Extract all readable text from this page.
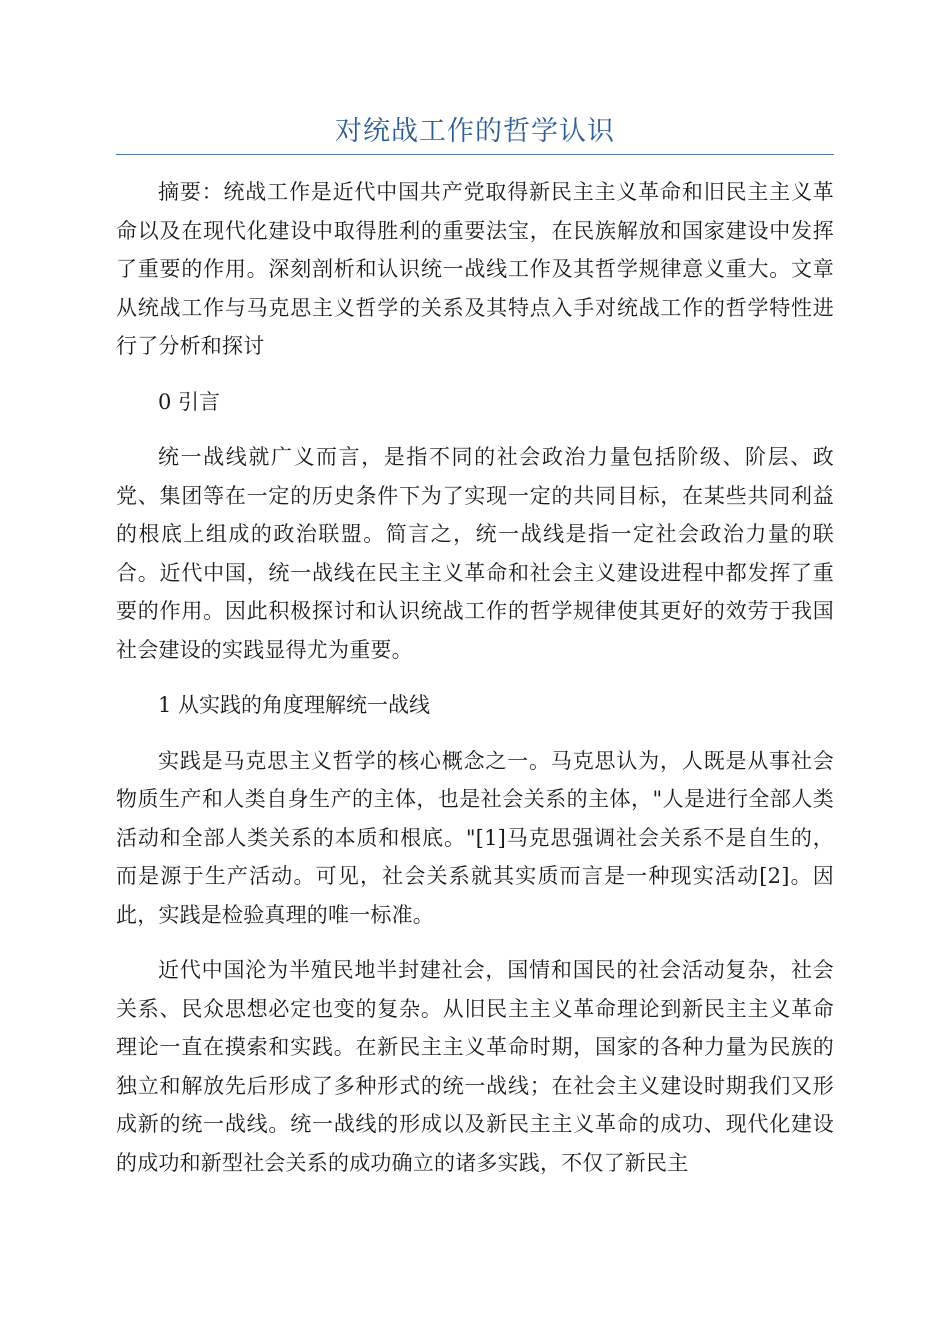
对统战工作的哲学认识

摘要：统战工作是近代中国共产党取得新民主主义革命和旧民主主义革命以及在现代化建设中取得胜利的重要法宝，在民族解放和国家建设中发挥了重要的作用。深刻剖析和认识统一战线工作及其哲学规律意义重大。文章从统战工作与马克思主义哲学的关系及其特点入手对统战工作的哲学特性进行了分析和探讨

0 引言

统一战线就广义而言，是指不同的社会政治力量包括阶级、阶层、政党、集团等在一定的历史条件下为了实现一定的共同目标，在某些共同利益的根底上组成的政治联盟。简言之，统一战线是指一定社会政治力量的联合。近代中国，统一战线在民主主义革命和社会主义建设进程中都发挥了重要的作用。因此积极探讨和认识统战工作的哲学规律使其更好的效劳于我国社会建设的实践显得尤为重要。

1 从实践的角度理解统一战线

实践是马克思主义哲学的核心概念之一。马克思认为，人既是从事社会物质生产和人类自身生产的主体，也是社会关系的主体，"人是进行全部人类活动和全部人类关系的本质和根底。"[1]马克思强调社会关系不是自生的，而是源于生产活动。可见，社会关系就其实质而言是一种现实活动[2]。因此，实践是检验真理的唯一标准。

近代中国沦为半殖民地半封建社会，国情和国民的社会活动复杂，社会关系、民众思想必定也变的复杂。从旧民主主义革命理论到新民主主义革命理论一直在摸索和实践。在新民主主义革命时期，国家的各种力量为民族的独立和解放先后形成了多种形式的统一战线；在社会主义建设时期我们又形成新的统一战线。统一战线的形成以及新民主主义革命的成功、现代化建设的成功和新型社会关系的成功确立的诸多实践，不仅了新民主
